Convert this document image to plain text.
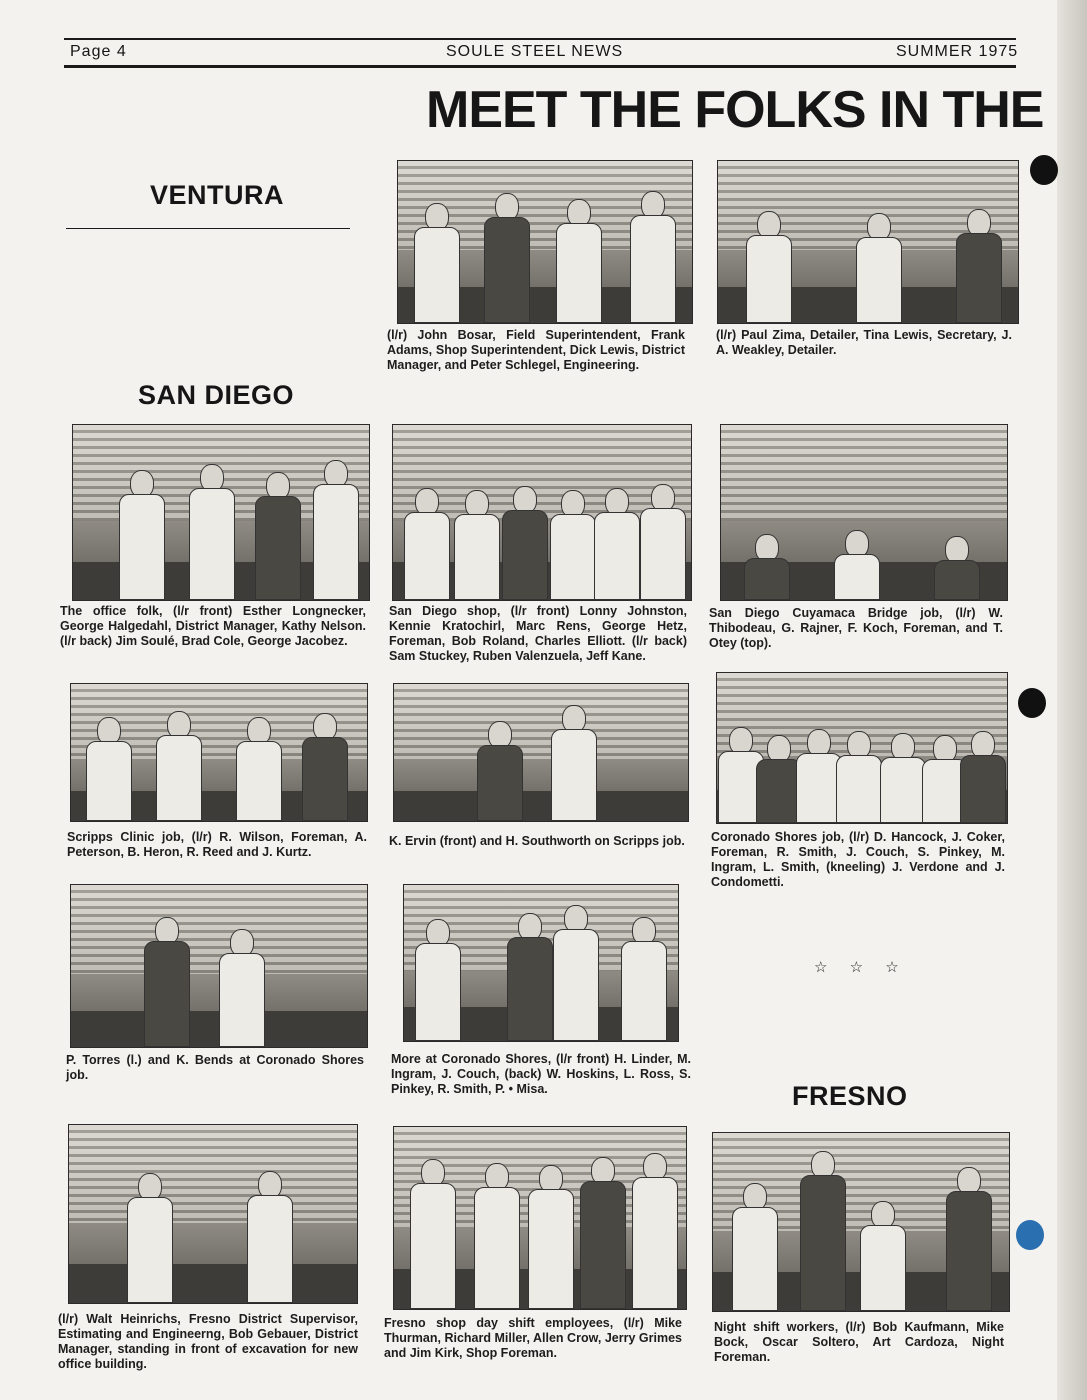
Page 4	SOULE STEEL NEWS	SUMMER 1975
MEET THE FOLKS IN THE
VENTURA
SAN DIEGO
FRESNO
(l/r) John Bosar, Field Superintendent, Frank Adams, Shop Superintendent, Dick Lewis, District Manager, and Peter Schlegel, Engineering.
(l/r) Paul Zima, Detailer, Tina Lewis, Secretary, J. A. Weakley, Detailer.
The office folk, (l/r front) Esther Longnecker, George Halgedahl, District Manager, Kathy Nelson. (l/r back) Jim Soulé, Brad Cole, George Jacobez.
San Diego shop, (l/r front) Lonny Johnston, Kennie Kratochirl, Marc Rens, George Hetz, Foreman, Bob Roland, Charles Elliott. (l/r back) Sam Stuckey, Ruben Valenzuela, Jeff Kane.
San Diego Cuyamaca Bridge job, (l/r) W. Thibodeau, G. Rajner, F. Koch, Foreman, and T. Otey (top).
Scripps Clinic job, (l/r) R. Wilson, Foreman, A. Peterson, B. Heron, R. Reed and J. Kurtz.
K. Ervin (front) and H. Southworth on Scripps job. Coronado Shores job, (l/r) D. Hancock, J. Coker, Foreman, R. Smith, J. Couch, S. Pinkey, M. Ingram, L. Smith, (kneeling) J. Verdone and J. Condometti.
☆ ☆ ☆
P. Torres (l.) and K. Bends at Coronado Shores job.
More at Coronado Shores, (l/r front) H. Linder, M. Ingram, J. Couch, (back) W. Hoskins, L. Ross, S. Pinkey, R. Smith, P. • Misa.
(l/r) Walt Heinrichs, Fresno District Supervisor, Estimating and Engineerng, Bob Gebauer, District Manager, standing in front of excavation for new office building.
Fresno shop day shift employees, (l/r) Mike Thurman, Richard Miller, Allen Crow, Jerry Grimes and Jim Kirk, Shop Foreman.
Night shift workers, (l/r) Bob Kaufmann, Mike Bock, Oscar Soltero, Art Cardoza, Night Foreman.
